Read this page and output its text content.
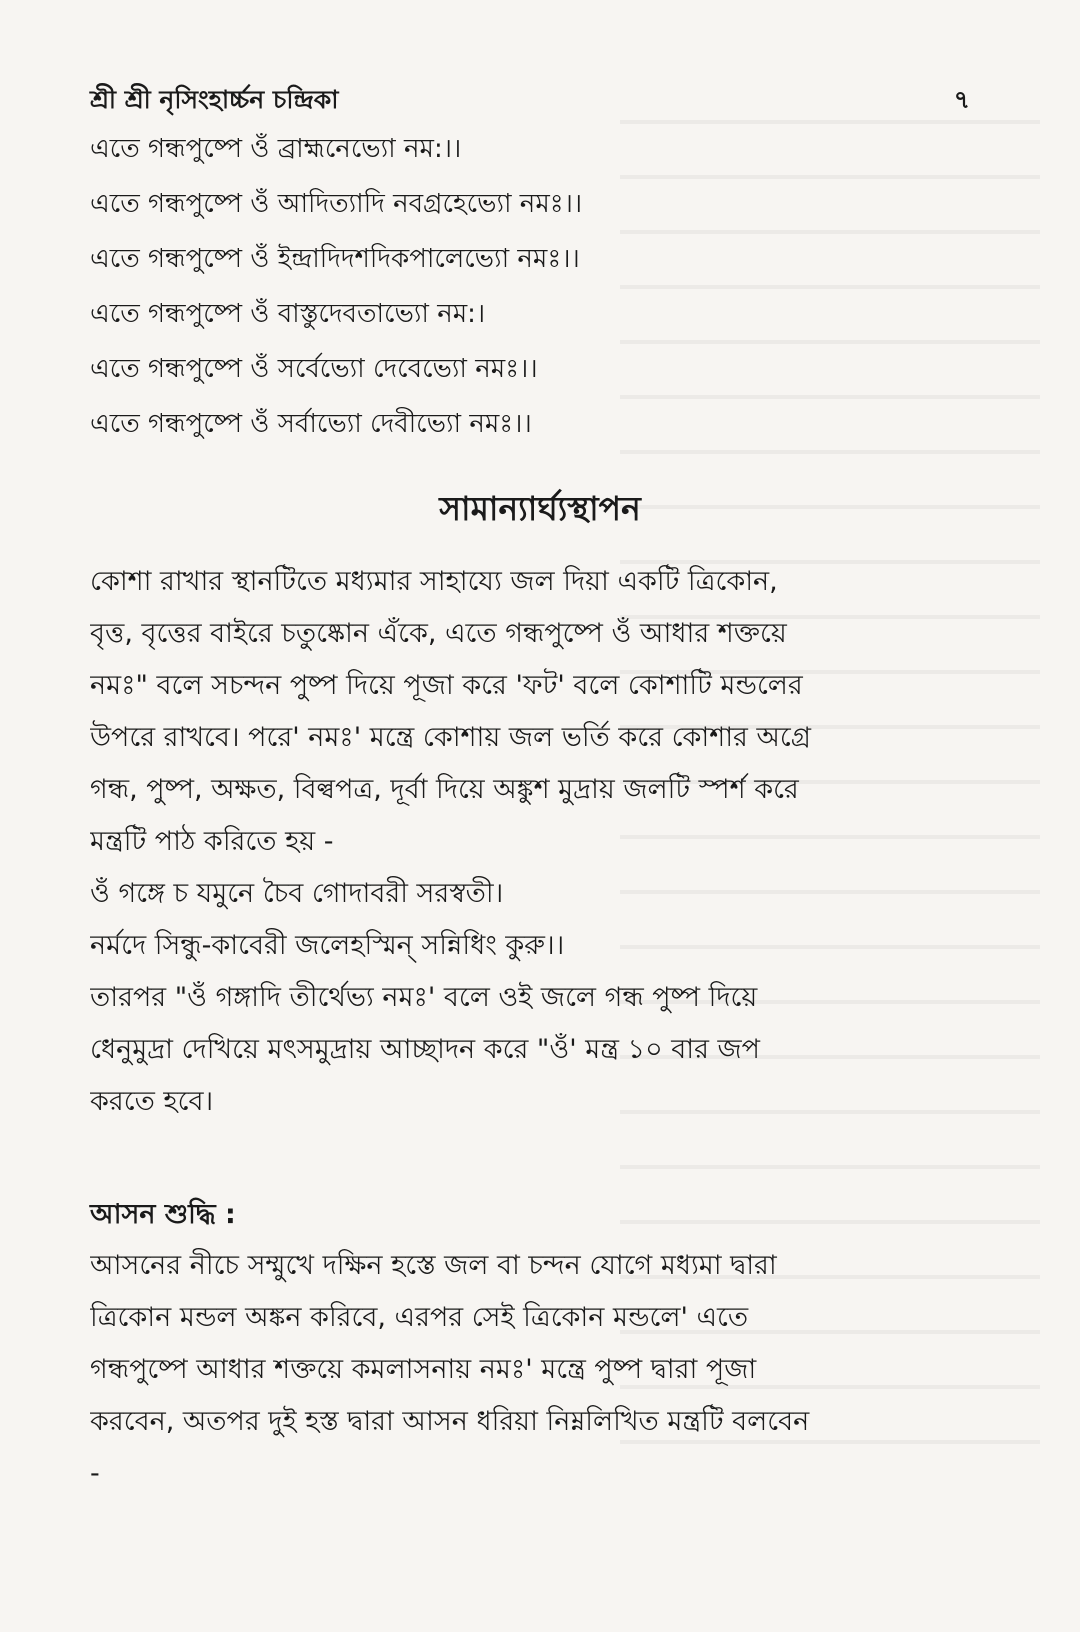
শ্রী শ্রী নৃসিংহার্চ্চন চন্দ্রিকা	৭
এতে গন্ধপুষ্পে ওঁ ব্রাহ্মনেভ্যো নম:।।
এতে গন্ধপুষ্পে ওঁ আদিত্যাদি নবগ্রহেভ্যো নমঃ।।
এতে গন্ধপুষ্পে ওঁ ইন্দ্রাদিদশদিকপালেভ্যো নমঃ।।
এতে গন্ধপুষ্পে ওঁ বাস্তুদেবতাভ্যো নম:।
এতে গন্ধপুষ্পে ওঁ সর্বেভ্যো দেবেভ্যো নমঃ।।
এতে গন্ধপুষ্পে ওঁ সর্বাভ্যো দেবীভ্যো নমঃ।।
সামান্যার্ঘ্যস্থাপন
কোশা রাখার স্থানটিতে মধ্যমার সাহায্যে জল দিয়া একটি ত্রিকোন,
বৃত্ত, বৃত্তের বাইরে চতুষ্কোন এঁকে, এতে গন্ধপুষ্পে ওঁ আধার শক্তয়ে
নমঃ" বলে সচন্দন পুষ্প দিয়ে পূজা করে 'ফট' বলে কোশাটি মন্ডলের
উপরে রাখবে। পরে' নমঃ' মন্ত্রে কোশায় জল ভর্তি করে কোশার অগ্রে
গন্ধ, পুষ্প, অক্ষত, বিল্বপত্র, দূর্বা দিয়ে অঙ্কুশ মুদ্রায় জলটি স্পর্শ করে
মন্ত্রটি পাঠ করিতে হয় -
ওঁ গঙ্গে চ যমুনে চৈব গোদাবরী সরস্বতী।
নর্মদে সিন্ধু-কাবেরী জলেহস্মিন্ সন্নিধিং কুরু।।
তারপর "ওঁ গঙ্গাদি তীর্থেভ্য নমঃ' বলে ওই জলে গন্ধ পুষ্প দিয়ে
ধেনুমুদ্রা দেখিয়ে মৎসমুদ্রায় আচ্ছাদন করে "ওঁ' মন্ত্র ১০ বার জপ
করতে হবে।
আসন শুদ্ধি :
আসনের নীচে সম্মুখে দক্ষিন হস্তে জল বা চন্দন যোগে মধ্যমা দ্বারা
ত্রিকোন মন্ডল অঙ্কন করিবে, এরপর সেই ত্রিকোন মন্ডলে' এতে
গন্ধপুষ্পে আধার শক্তয়ে কমলাসনায় নমঃ' মন্ত্রে পুষ্প দ্বারা পূজা
করবেন, অতপর দুই হস্ত দ্বারা আসন ধরিয়া নিম্নলিখিত মন্ত্রটি বলবেন
-
